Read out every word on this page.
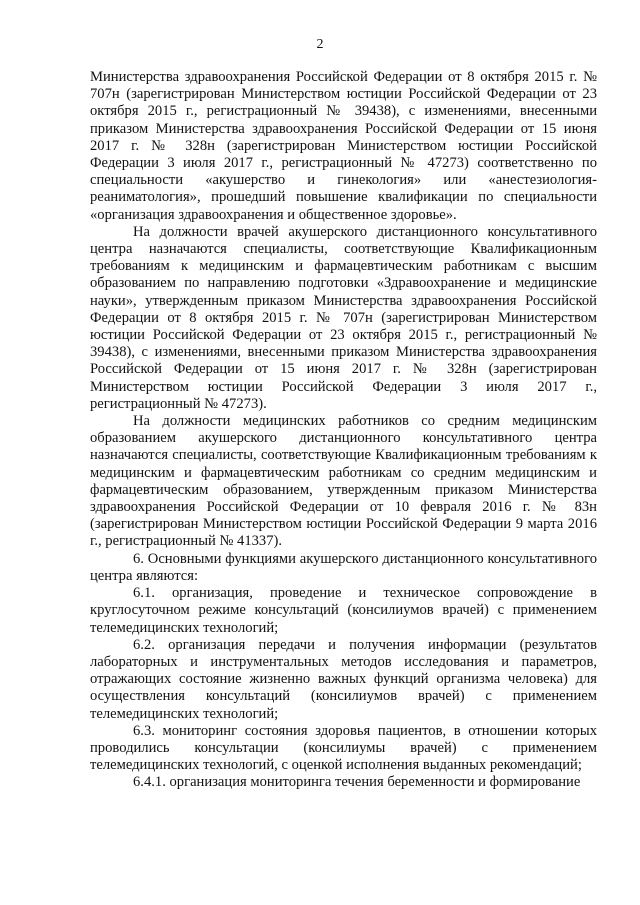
2

Министерства здравоохранения Российской Федерации от 8 октября 2015 г. № 707н (зарегистрирован Министерством юстиции Российской Федерации от 23 октября 2015 г., регистрационный № 39438), с изменениями, внесенными приказом Министерства здравоохранения Российской Федерации от 15 июня 2017 г. № 328н (зарегистрирован Министерством юстиции Российской Федерации 3 июля 2017 г., регистрационный № 47273) соответственно по специальности «акушерство и гинекология» или «анестезиология-реаниматология», прошедший повышение квалификации по специальности «организация здравоохранения и общественное здоровье».

На должности врачей акушерского дистанционного консультативного центра назначаются специалисты, соответствующие Квалификационным требованиям к медицинским и фармацевтическим работникам с высшим образованием по направлению подготовки «Здравоохранение и медицинские науки», утвержденным приказом Министерства здравоохранения Российской Федерации от 8 октября 2015 г. № 707н (зарегистрирован Министерством юстиции Российской Федерации от 23 октября 2015 г., регистрационный № 39438), с изменениями, внесенными приказом Министерства здравоохранения Российской Федерации от 15 июня 2017 г. № 328н (зарегистрирован Министерством юстиции Российской Федерации 3 июля 2017 г., регистрационный № 47273).

На должности медицинских работников со средним медицинским образованием акушерского дистанционного консультативного центра назначаются специалисты, соответствующие Квалификационным требованиям к медицинским и фармацевтическим работникам со средним медицинским и фармацевтическим образованием, утвержденным приказом Министерства здравоохранения Российской Федерации от 10 февраля 2016 г. № 83н (зарегистрирован Министерством юстиции Российской Федерации 9 марта 2016 г., регистрационный № 41337).

6. Основными функциями акушерского дистанционного консультативного центра являются:

6.1. организация, проведение и техническое сопровождение в круглосуточном режиме консультаций (консилиумов врачей) с применением телемедицинских технологий;

6.2. организация передачи и получения информации (результатов лабораторных и инструментальных методов исследования и параметров, отражающих состояние жизненно важных функций организма человека) для осуществления консультаций (консилиумов врачей) с применением телемедицинских технологий;

6.3. мониторинг состояния здоровья пациентов, в отношении которых проводились консультации (консилиумы врачей) с применением телемедицинских технологий, с оценкой исполнения выданных рекомендаций;

6.4.1. организация мониторинга течения беременности и формирование
